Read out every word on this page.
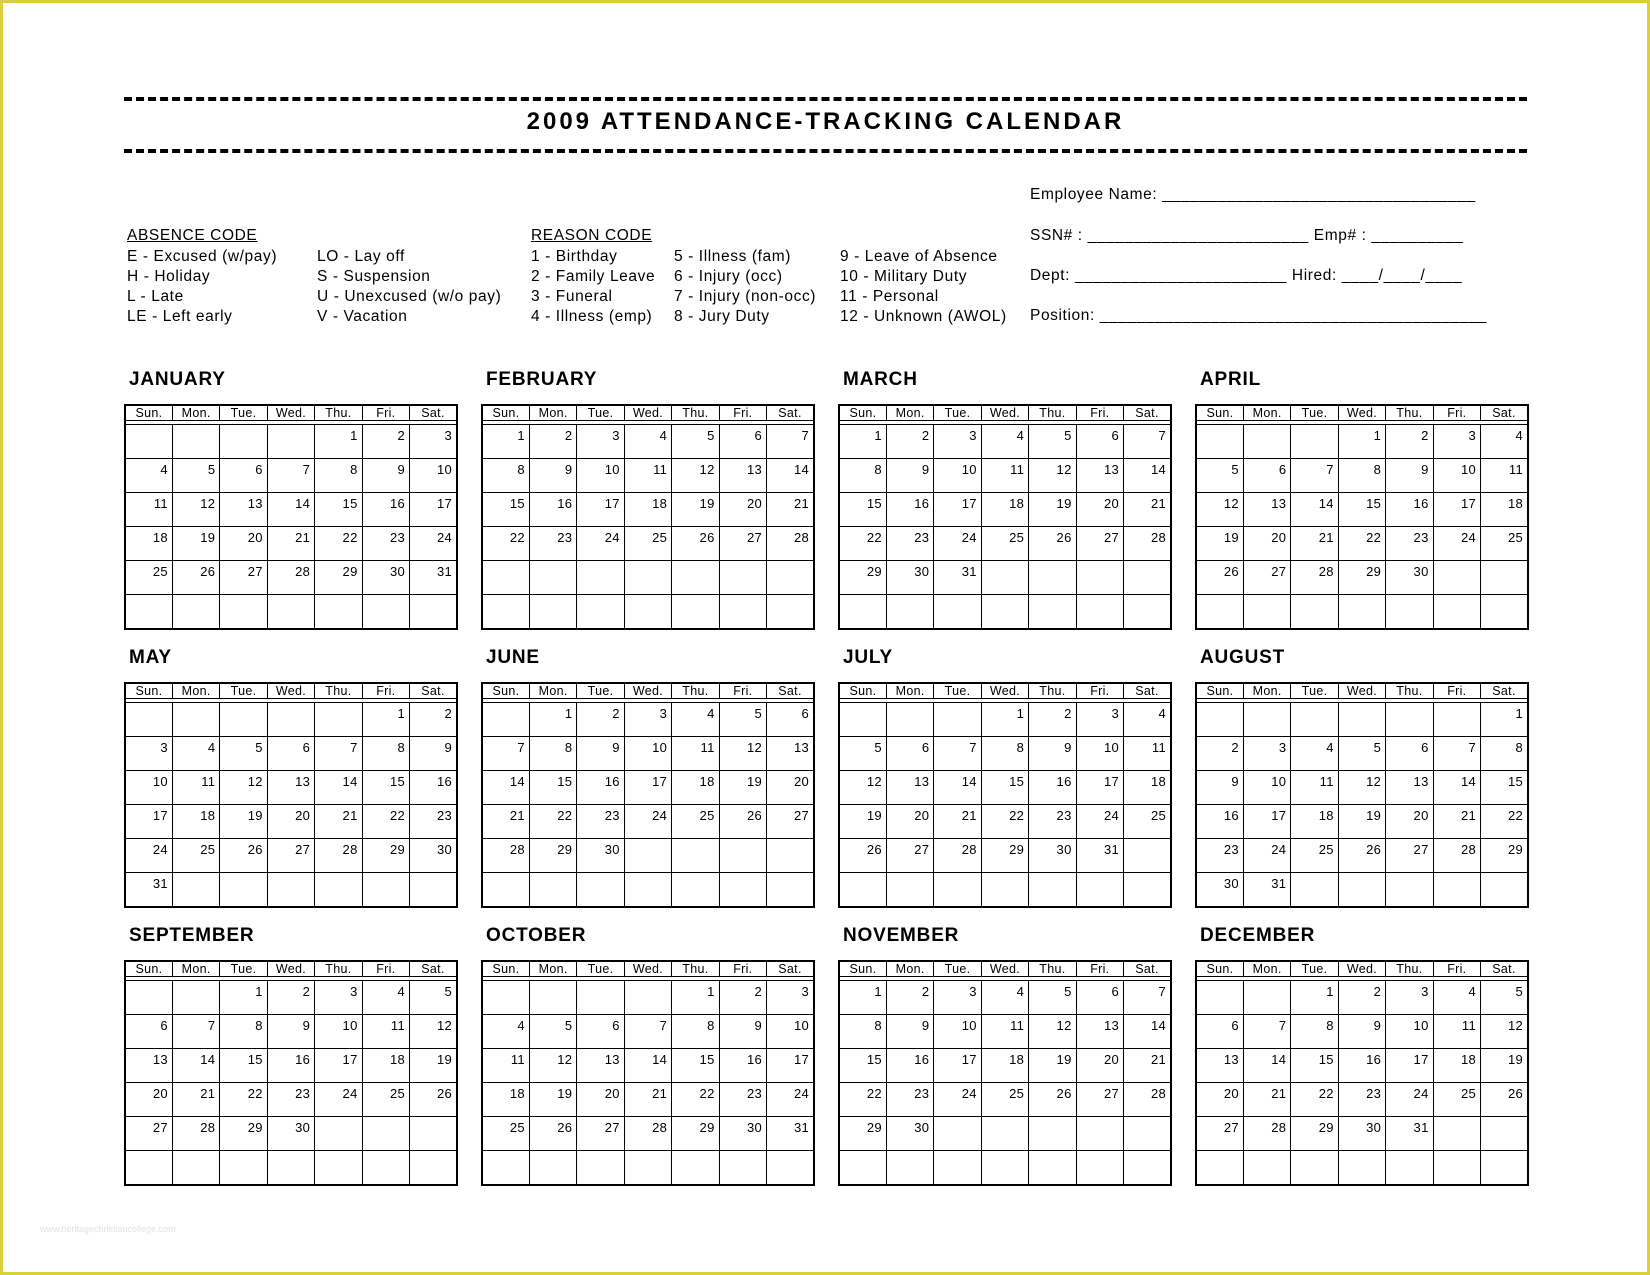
2009 ATTENDANCE-TRACKING CALENDAR
ABSENCE CODE
E - Excused (w/pay)
H - Holiday
L - Late
LE - Left early
LO - Lay off
S - Suspension
U - Unexcused (w/o pay)
V - Vacation
REASON CODE
1 - Birthday
2 - Family Leave
3 - Funeral
4 - Illness (emp)
5 - Illness (fam)
6 - Injury (occ)
7 - Injury (non-occ)
8 - Jury Duty
9 - Leave of Absence
10 - Military Duty
11 - Personal
12 - Unknown (AWOL)
Employee Name: __________________________________
SSN# : ________________________ Emp# : __________
Dept: _______________________ Hired: ____/____/____
Position: __________________________________________
JANUARY
Sun.	Mon.	Tue.	Wed.	Thu.	Fri.	Sat.

				1	2	3
4	5	6	7	8	9	10
11	12	13	14	15	16	17
18	19	20	21	22	23	24
25	26	27	28	29	30	31

FEBRUARY
Sun.	Mon.	Tue.	Wed.	Thu.	Fri.	Sat.

1	2	3	4	5	6	7
8	9	10	11	12	13	14
15	16	17	18	19	20	21
22	23	24	25	26	27	28

MARCH
Sun.	Mon.	Tue.	Wed.	Thu.	Fri.	Sat.

1	2	3	4	5	6	7
8	9	10	11	12	13	14
15	16	17	18	19	20	21
22	23	24	25	26	27	28
29	30	31				

APRIL
Sun.	Mon.	Tue.	Wed.	Thu.	Fri.	Sat.

			1	2	3	4
5	6	7	8	9	10	11
12	13	14	15	16	17	18
19	20	21	22	23	24	25
26	27	28	29	30		

MAY
Sun.	Mon.	Tue.	Wed.	Thu.	Fri.	Sat.

					1	2
3	4	5	6	7	8	9
10	11	12	13	14	15	16
17	18	19	20	21	22	23
24	25	26	27	28	29	30
31						
JUNE
Sun.	Mon.	Tue.	Wed.	Thu.	Fri.	Sat.

	1	2	3	4	5	6
7	8	9	10	11	12	13
14	15	16	17	18	19	20
21	22	23	24	25	26	27
28	29	30				

JULY
Sun.	Mon.	Tue.	Wed.	Thu.	Fri.	Sat.

			1	2	3	4
5	6	7	8	9	10	11
12	13	14	15	16	17	18
19	20	21	22	23	24	25
26	27	28	29	30	31	

AUGUST
Sun.	Mon.	Tue.	Wed.	Thu.	Fri.	Sat.

						1
2	3	4	5	6	7	8
9	10	11	12	13	14	15
16	17	18	19	20	21	22
23	24	25	26	27	28	29
30	31					
SEPTEMBER
Sun.	Mon.	Tue.	Wed.	Thu.	Fri.	Sat.

		1	2	3	4	5
6	7	8	9	10	11	12
13	14	15	16	17	18	19
20	21	22	23	24	25	26
27	28	29	30			

OCTOBER
Sun.	Mon.	Tue.	Wed.	Thu.	Fri.	Sat.

				1	2	3
4	5	6	7	8	9	10
11	12	13	14	15	16	17
18	19	20	21	22	23	24
25	26	27	28	29	30	31

NOVEMBER
Sun.	Mon.	Tue.	Wed.	Thu.	Fri.	Sat.

1	2	3	4	5	6	7
8	9	10	11	12	13	14
15	16	17	18	19	20	21
22	23	24	25	26	27	28
29	30					

DECEMBER
Sun.	Mon.	Tue.	Wed.	Thu.	Fri.	Sat.

		1	2	3	4	5
6	7	8	9	10	11	12
13	14	15	16	17	18	19
20	21	22	23	24	25	26
27	28	29	30	31		

www.heritagechristiancollege.com
